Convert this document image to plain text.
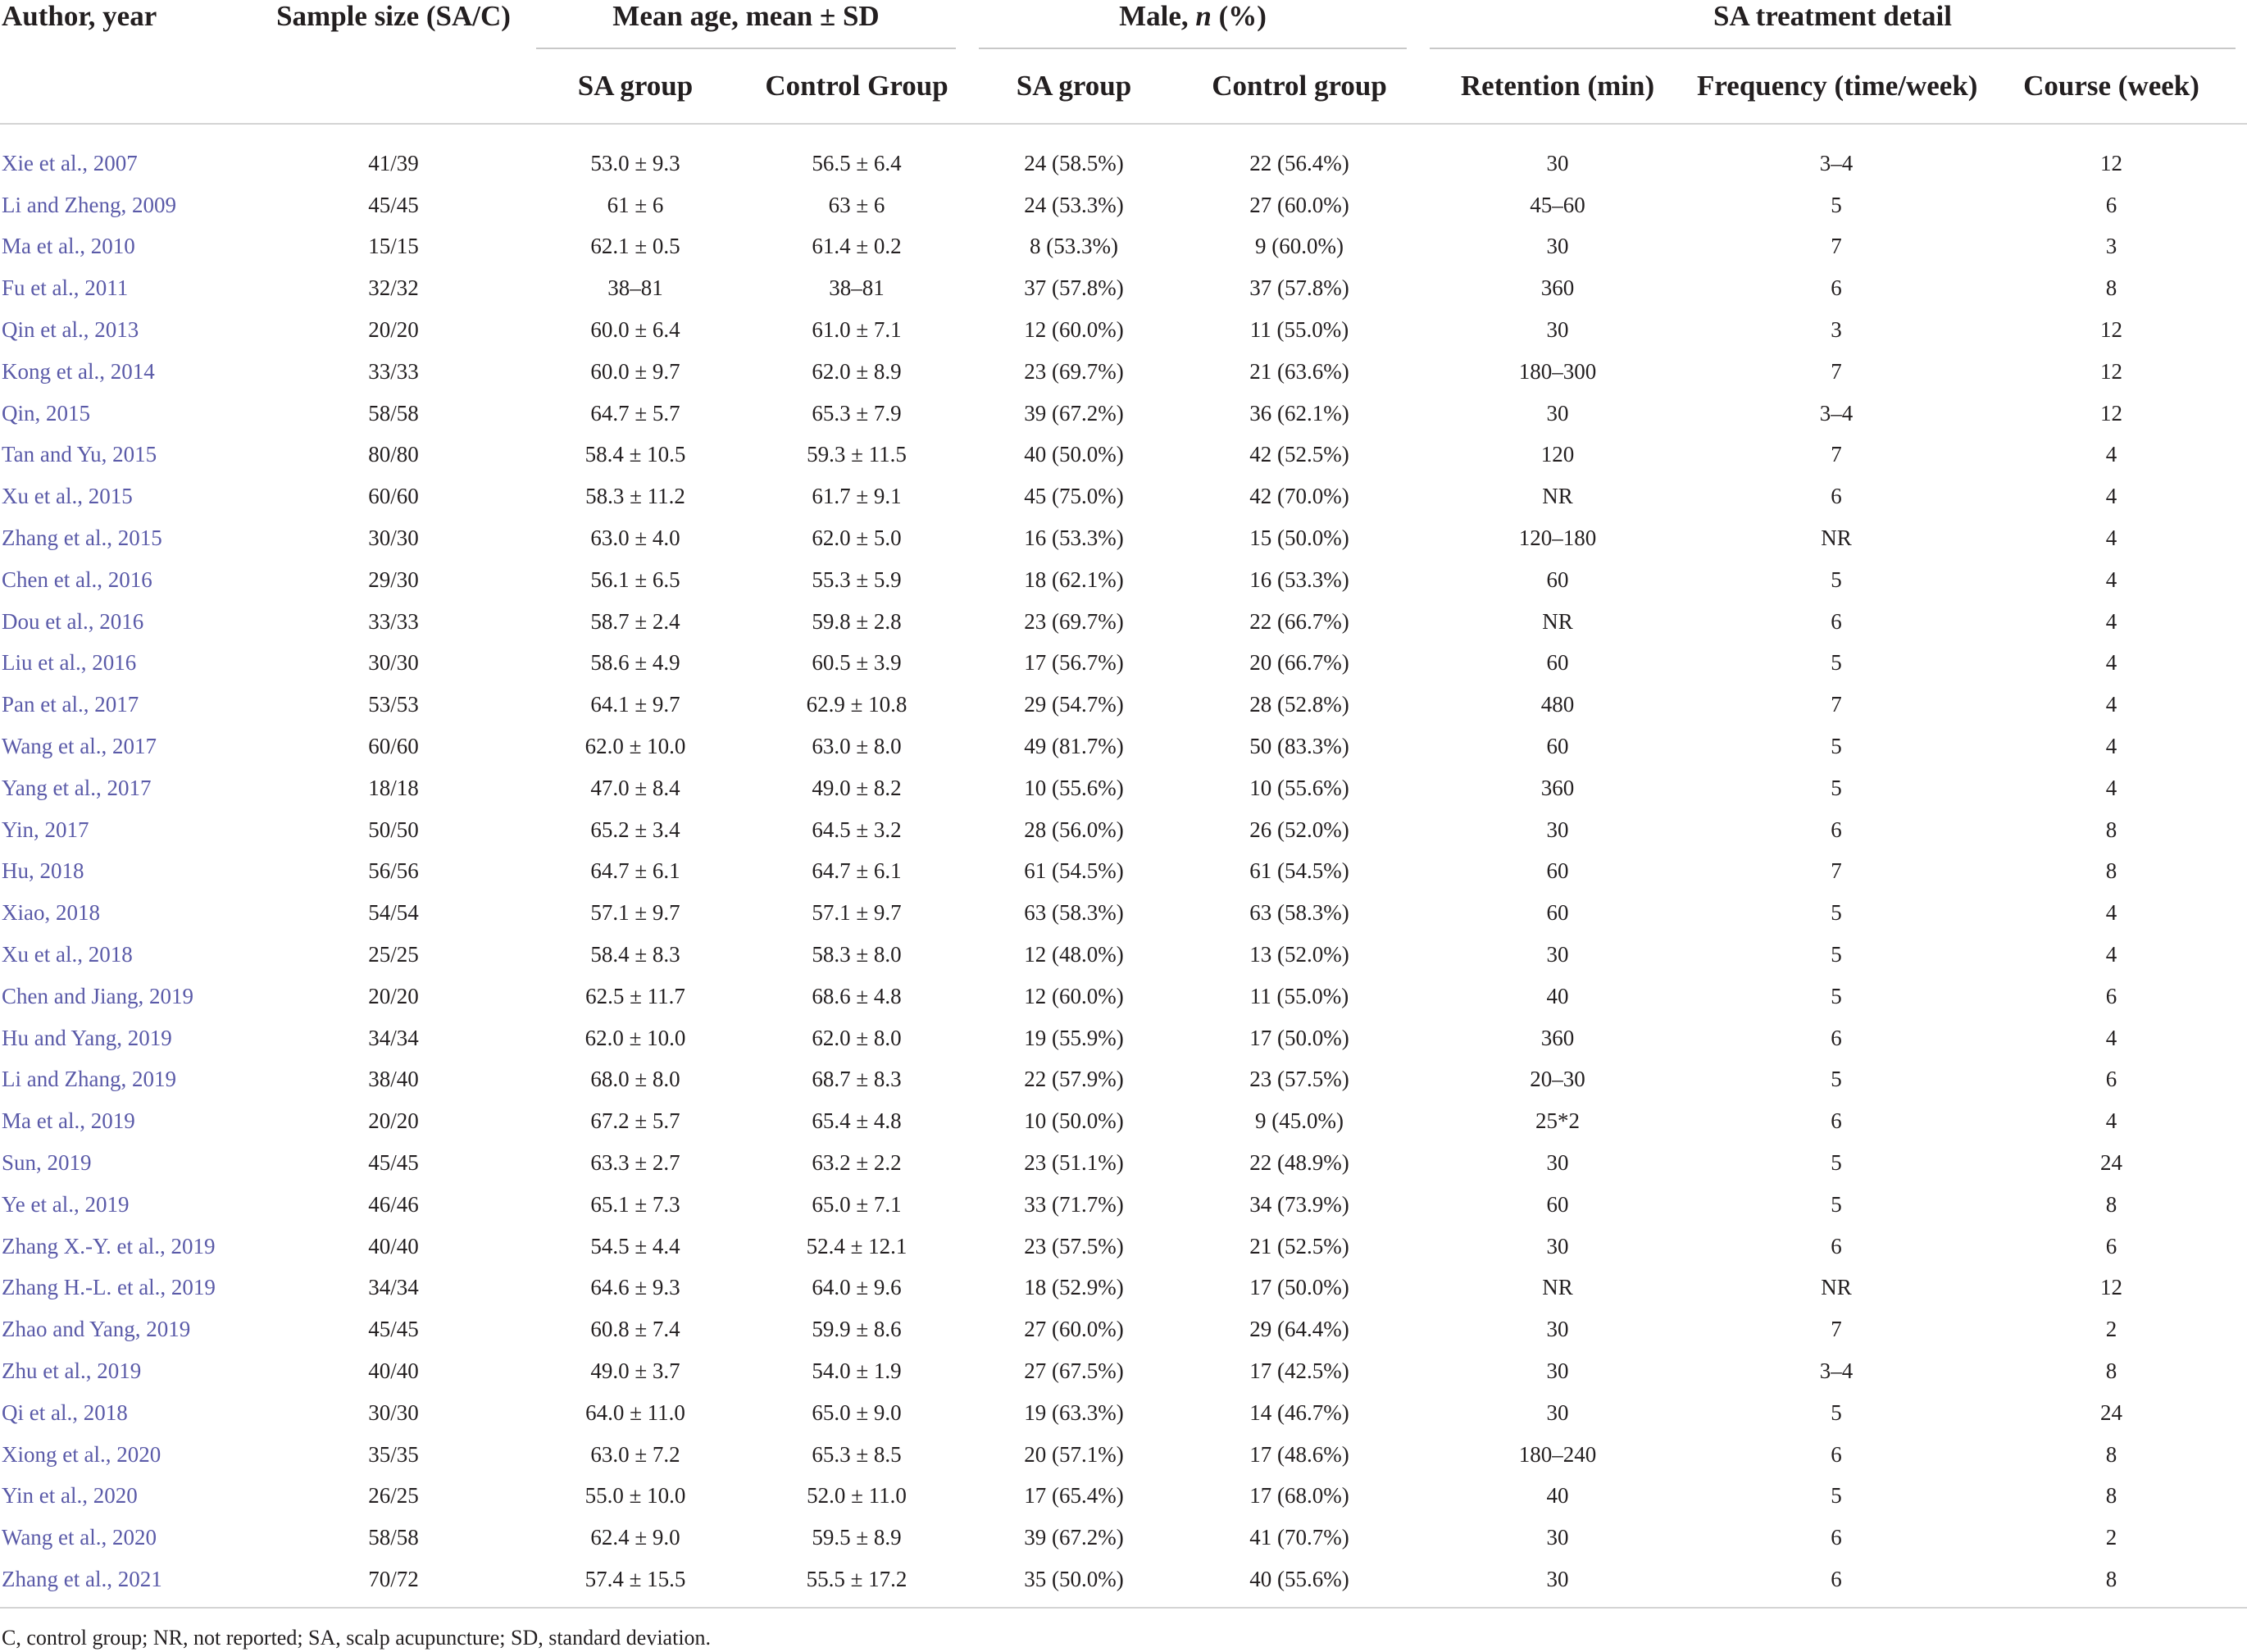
Author, year	Sample size (SA/C)	Mean age, mean ± SD		Male, n (%)		SA treatment detail		
		SA group	Control Group	SA group	Control group	Retention (min)	Frequency (time/week)	Course (week)
Xie et al., 2007	41/39	53.0 ± 9.3	56.5 ± 6.4	24 (58.5%)	22 (56.4%)	30	3–4	12
Li and Zheng, 2009	45/45	61 ± 6	63 ± 6	24 (53.3%)	27 (60.0%)	45–60	5	6
Ma et al., 2010	15/15	62.1 ± 0.5	61.4 ± 0.2	8 (53.3%)	9 (60.0%)	30	7	3
Fu et al., 2011	32/32	38–81	38–81	37 (57.8%)	37 (57.8%)	360	6	8
Qin et al., 2013	20/20	60.0 ± 6.4	61.0 ± 7.1	12 (60.0%)	11 (55.0%)	30	3	12
Kong et al., 2014	33/33	60.0 ± 9.7	62.0 ± 8.9	23 (69.7%)	21 (63.6%)	180–300	7	12
Qin, 2015	58/58	64.7 ± 5.7	65.3 ± 7.9	39 (67.2%)	36 (62.1%)	30	3–4	12
Tan and Yu, 2015	80/80	58.4 ± 10.5	59.3 ± 11.5	40 (50.0%)	42 (52.5%)	120	7	4
Xu et al., 2015	60/60	58.3 ± 11.2	61.7 ± 9.1	45 (75.0%)	42 (70.0%)	NR	6	4
Zhang et al., 2015	30/30	63.0 ± 4.0	62.0 ± 5.0	16 (53.3%)	15 (50.0%)	120–180	NR	4
Chen et al., 2016	29/30	56.1 ± 6.5	55.3 ± 5.9	18 (62.1%)	16 (53.3%)	60	5	4
Dou et al., 2016	33/33	58.7 ± 2.4	59.8 ± 2.8	23 (69.7%)	22 (66.7%)	NR	6	4
Liu et al., 2016	30/30	58.6 ± 4.9	60.5 ± 3.9	17 (56.7%)	20 (66.7%)	60	5	4
Pan et al., 2017	53/53	64.1 ± 9.7	62.9 ± 10.8	29 (54.7%)	28 (52.8%)	480	7	4
Wang et al., 2017	60/60	62.0 ± 10.0	63.0 ± 8.0	49 (81.7%)	50 (83.3%)	60	5	4
Yang et al., 2017	18/18	47.0 ± 8.4	49.0 ± 8.2	10 (55.6%)	10 (55.6%)	360	5	4
Yin, 2017	50/50	65.2 ± 3.4	64.5 ± 3.2	28 (56.0%)	26 (52.0%)	30	6	8
Hu, 2018	56/56	64.7 ± 6.1	64.7 ± 6.1	61 (54.5%)	61 (54.5%)	60	7	8
Xiao, 2018	54/54	57.1 ± 9.7	57.1 ± 9.7	63 (58.3%)	63 (58.3%)	60	5	4
Xu et al., 2018	25/25	58.4 ± 8.3	58.3 ± 8.0	12 (48.0%)	13 (52.0%)	30	5	4
Chen and Jiang, 2019	20/20	62.5 ± 11.7	68.6 ± 4.8	12 (60.0%)	11 (55.0%)	40	5	6
Hu and Yang, 2019	34/34	62.0 ± 10.0	62.0 ± 8.0	19 (55.9%)	17 (50.0%)	360	6	4
Li and Zhang, 2019	38/40	68.0 ± 8.0	68.7 ± 8.3	22 (57.9%)	23 (57.5%)	20–30	5	6
Ma et al., 2019	20/20	67.2 ± 5.7	65.4 ± 4.8	10 (50.0%)	9 (45.0%)	25*2	6	4
Sun, 2019	45/45	63.3 ± 2.7	63.2 ± 2.2	23 (51.1%)	22 (48.9%)	30	5	24
Ye et al., 2019	46/46	65.1 ± 7.3	65.0 ± 7.1	33 (71.7%)	34 (73.9%)	60	5	8
Zhang X.-Y. et al., 2019	40/40	54.5 ± 4.4	52.4 ± 12.1	23 (57.5%)	21 (52.5%)	30	6	6
Zhang H.-L. et al., 2019	34/34	64.6 ± 9.3	64.0 ± 9.6	18 (52.9%)	17 (50.0%)	NR	NR	12
Zhao and Yang, 2019	45/45	60.8 ± 7.4	59.9 ± 8.6	27 (60.0%)	29 (64.4%)	30	7	2
Zhu et al., 2019	40/40	49.0 ± 3.7	54.0 ± 1.9	27 (67.5%)	17 (42.5%)	30	3–4	8
Qi et al., 2018	30/30	64.0 ± 11.0	65.0 ± 9.0	19 (63.3%)	14 (46.7%)	30	5	24
Xiong et al., 2020	35/35	63.0 ± 7.2	65.3 ± 8.5	20 (57.1%)	17 (48.6%)	180–240	6	8
Yin et al., 2020	26/25	55.0 ± 10.0	52.0 ± 11.0	17 (65.4%)	17 (68.0%)	40	5	8
Wang et al., 2020	58/58	62.4 ± 9.0	59.5 ± 8.9	39 (67.2%)	41 (70.7%)	30	6	2
Zhang et al., 2021	70/72	57.4 ± 15.5	55.5 ± 17.2	35 (50.0%)	40 (55.6%)	30	6	8
C, control group; NR, not reported; SA, scalp acupuncture; SD, standard deviation.
